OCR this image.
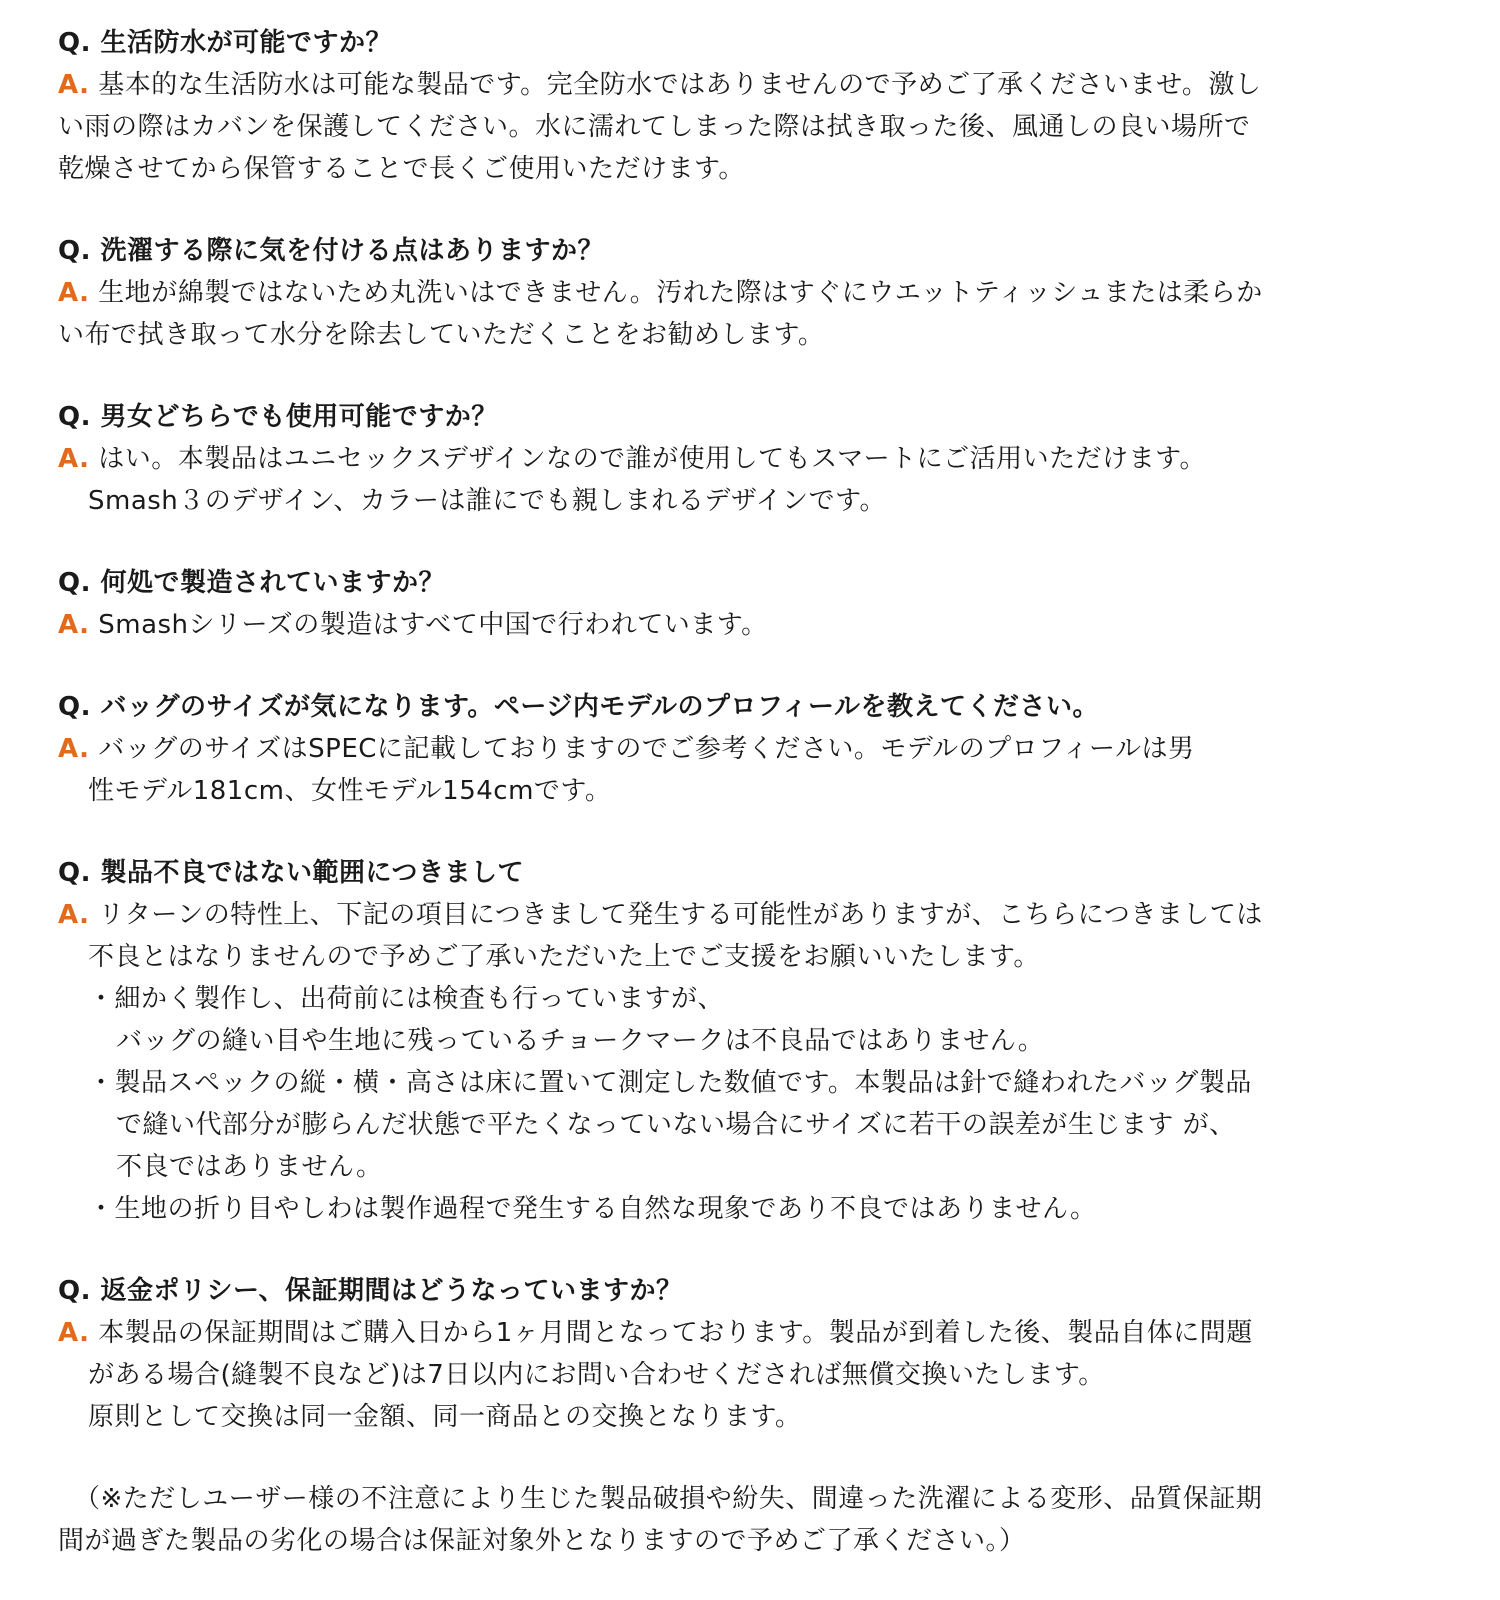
Q. 生活防水が可能ですか？

A. 基本的な生活防水は可能な製品です。完全防水ではありませんので予めご了承くださいませ。激し
い雨の際はカバンを保護してください。水に濡れてしまった際は拭き取った後、風通しの良い場所で
乾燥させてから保管することで長くご使用いただけます。

Q. 洗濯する際に気を付ける点はありますか？

A. 生地が綿製ではないため丸洗いはできません。汚れた際はすぐにウエットティッシュまたは柔らか
い布で拭き取って水分を除去していただくことをお勧めします。

Q. 男女どちらでも使用可能ですか？

A. はい。本製品はユニセックスデザインなので誰が使用してもスマートにご活用いただけます。
Smash３のデザイン、カラーは誰にでも親しまれるデザインです。

Q. 何処で製造されていますか？

A. Smashシリーズの製造はすべて中国で行われています。

Q. バッグのサイズが気になります。ページ内モデルのプロフィールを教えてください。

A. バッグのサイズはSPECに記載しておりますのでご参考ください。モデルのプロフィールは男
性モデル181cm、女性モデル154cmです。

Q. 製品不良ではない範囲につきまして

A. リターンの特性上、下記の項目につきまして発生する可能性がありますが、こちらにつきましては
不良とはなりませんので予めご了承いただいた上でご支援をお願いいたします。
・細かく製作し、出荷前には検査も行っていますが、
バッグの縫い目や生地に残っているチョークマークは不良品ではありません。
・製品スペックの縦・横・高さは床に置いて測定した数値です。本製品は針で縫われたバッグ製品
で縫い代部分が膨らんだ状態で平たくなっていない場合にサイズに若干の誤差が生じます が、
不良ではありません。
・生地の折り目やしわは製作過程で発生する自然な現象であり不良ではありません。

Q. 返金ポリシー、保証期間はどうなっていますか？

A. 本製品の保証期間はご購入日から1ヶ月間となっております。製品が到着した後、製品自体に問題
がある場合(縫製不良など)は7日以内にお問い合わせくだされば無償交換いたします。
原則として交換は同一金額、同一商品との交換となります。
（※ただしユーザー様の不注意により生じた製品破損や紛失、間違った洗濯による変形、品質保証期
間が過ぎた製品の劣化の場合は保証対象外となりますので予めご了承ください。）
